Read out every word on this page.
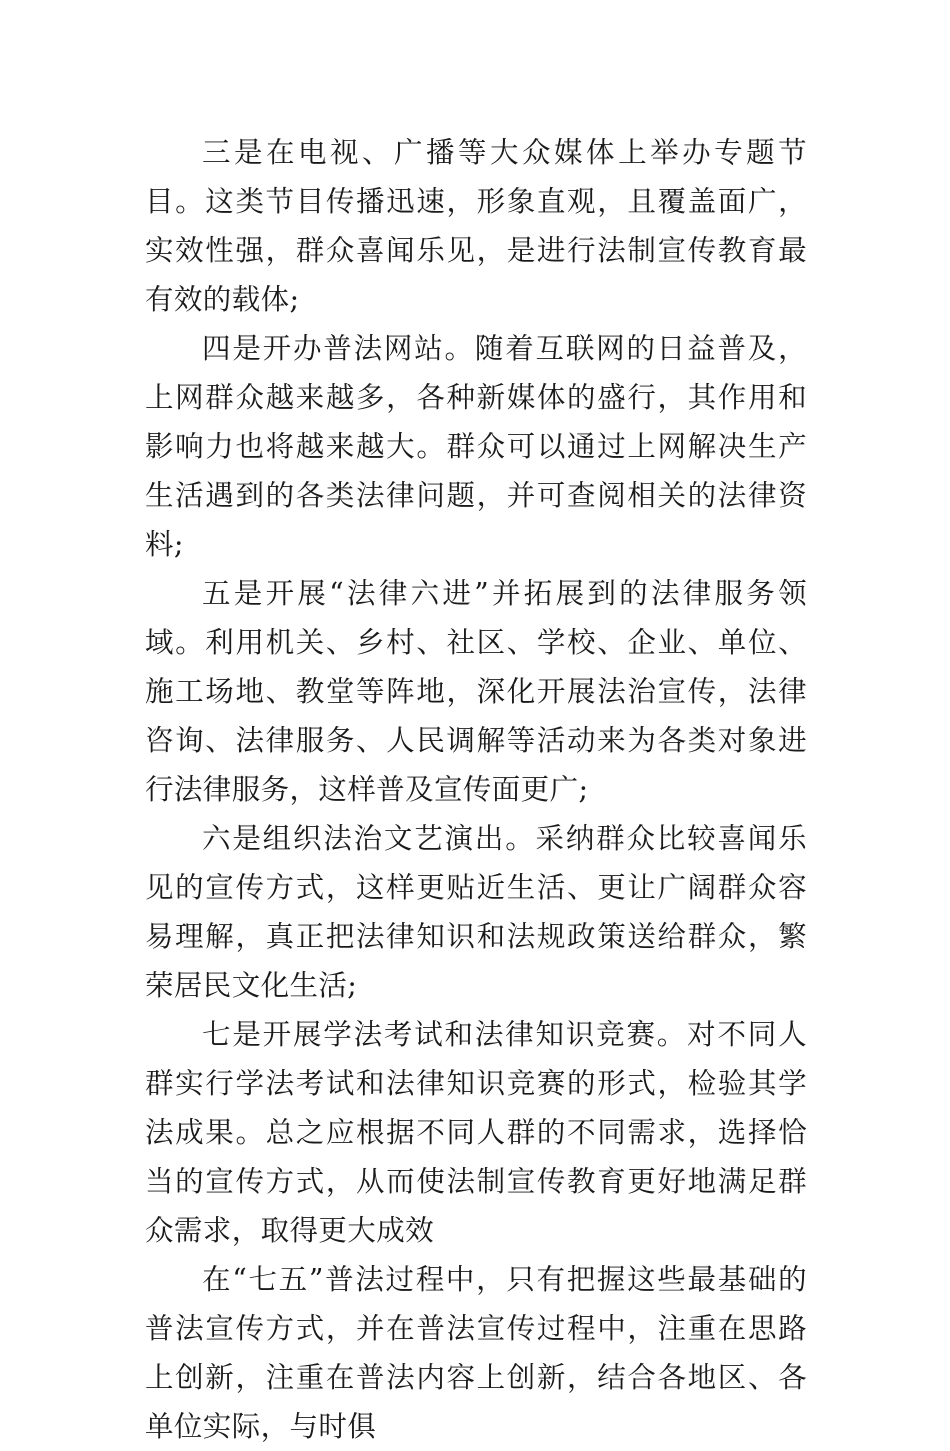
三是在电视、广播等大众媒体上举办专题节目。这类节目传播迅速，形象直观，且覆盖面广，实效性强，群众喜闻乐见，是进行法制宣传教育最有效的载体;

四是开办普法网站。随着互联网的日益普及，上网群众越来越多，各种新媒体的盛行，其作用和影响力也将越来越大。群众可以通过上网解决生产生活遇到的各类法律问题，并可查阅相关的法律资料;

五是开展“法律六进”并拓展到的法律服务领域。利用机关、乡村、社区、学校、企业、单位、施工场地、教堂等阵地，深化开展法治宣传，法律咨询、法律服务、人民调解等活动来为各类对象进行法律服务，这样普及宣传面更广;

六是组织法治文艺演出。采纳群众比较喜闻乐见的宣传方式，这样更贴近生活、更让广阔群众容易理解，真正把法律知识和法规政策送给群众，繁荣居民文化生活;

七是开展学法考试和法律知识竞赛。对不同人群实行学法考试和法律知识竞赛的形式，检验其学法成果。总之应根据不同人群的不同需求，选择恰当的宣传方式，从而使法制宣传教育更好地满足群众需求，取得更大成效

在“七五”普法过程中，只有把握这些最基础的普法宣传方式，并在普法宣传过程中，注重在思路上创新，注重在普法内容上创新，结合各地区、各单位实际，与时俱
